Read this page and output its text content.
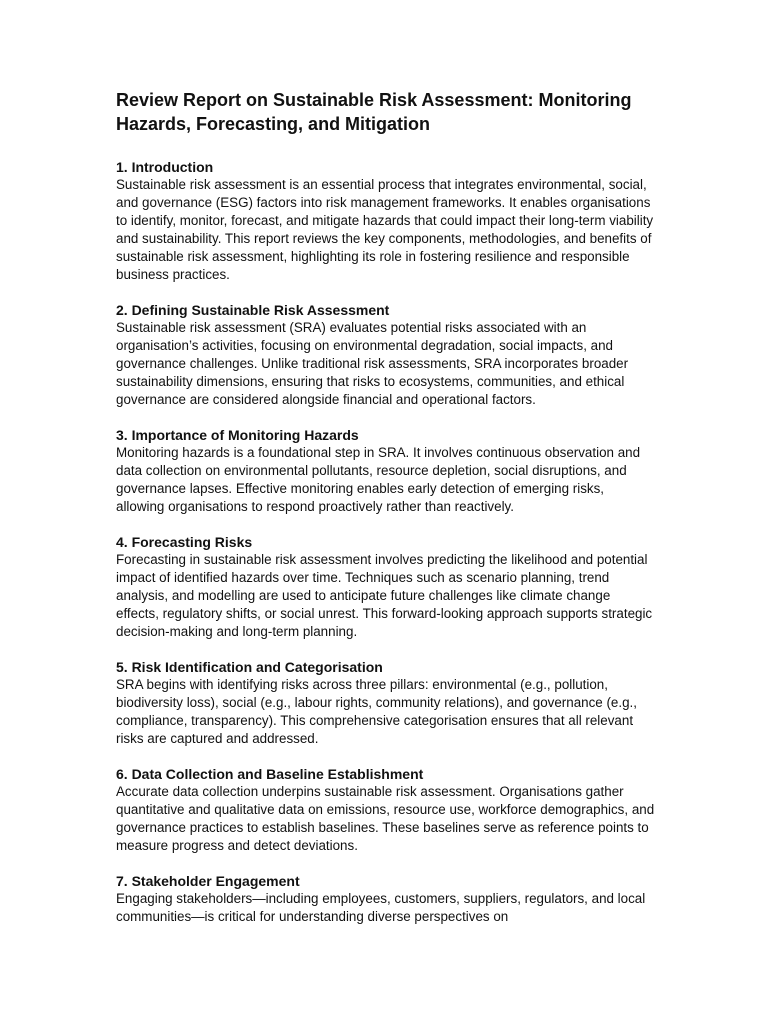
Review Report on Sustainable Risk Assessment: Monitoring Hazards, Forecasting, and Mitigation
1. Introduction

Sustainable risk assessment is an essential process that integrates environmental, social, and governance (ESG) factors into risk management frameworks. It enables organisations to identify, monitor, forecast, and mitigate hazards that could impact their long-term viability and sustainability. This report reviews the key components, methodologies, and benefits of sustainable risk assessment, highlighting its role in fostering resilience and responsible business practices.

2. Defining Sustainable Risk Assessment

Sustainable risk assessment (SRA) evaluates potential risks associated with an organisation’s activities, focusing on environmental degradation, social impacts, and governance challenges. Unlike traditional risk assessments, SRA incorporates broader sustainability dimensions, ensuring that risks to ecosystems, communities, and ethical governance are considered alongside financial and operational factors.

3. Importance of Monitoring Hazards

Monitoring hazards is a foundational step in SRA. It involves continuous observation and data collection on environmental pollutants, resource depletion, social disruptions, and governance lapses. Effective monitoring enables early detection of emerging risks, allowing organisations to respond proactively rather than reactively.

4. Forecasting Risks

Forecasting in sustainable risk assessment involves predicting the likelihood and potential impact of identified hazards over time. Techniques such as scenario planning, trend analysis, and modelling are used to anticipate future challenges like climate change effects, regulatory shifts, or social unrest. This forward-looking approach supports strategic decision-making and long-term planning.

5. Risk Identification and Categorisation

SRA begins with identifying risks across three pillars: environmental (e.g., pollution, biodiversity loss), social (e.g., labour rights, community relations), and governance (e.g., compliance, transparency). This comprehensive categorisation ensures that all relevant risks are captured and addressed.

6. Data Collection and Baseline Establishment

Accurate data collection underpins sustainable risk assessment. Organisations gather quantitative and qualitative data on emissions, resource use, workforce demographics, and governance practices to establish baselines. These baselines serve as reference points to measure progress and detect deviations.

7. Stakeholder Engagement

Engaging stakeholders—including employees, customers, suppliers, regulators, and local communities—is critical for understanding diverse perspectives on
